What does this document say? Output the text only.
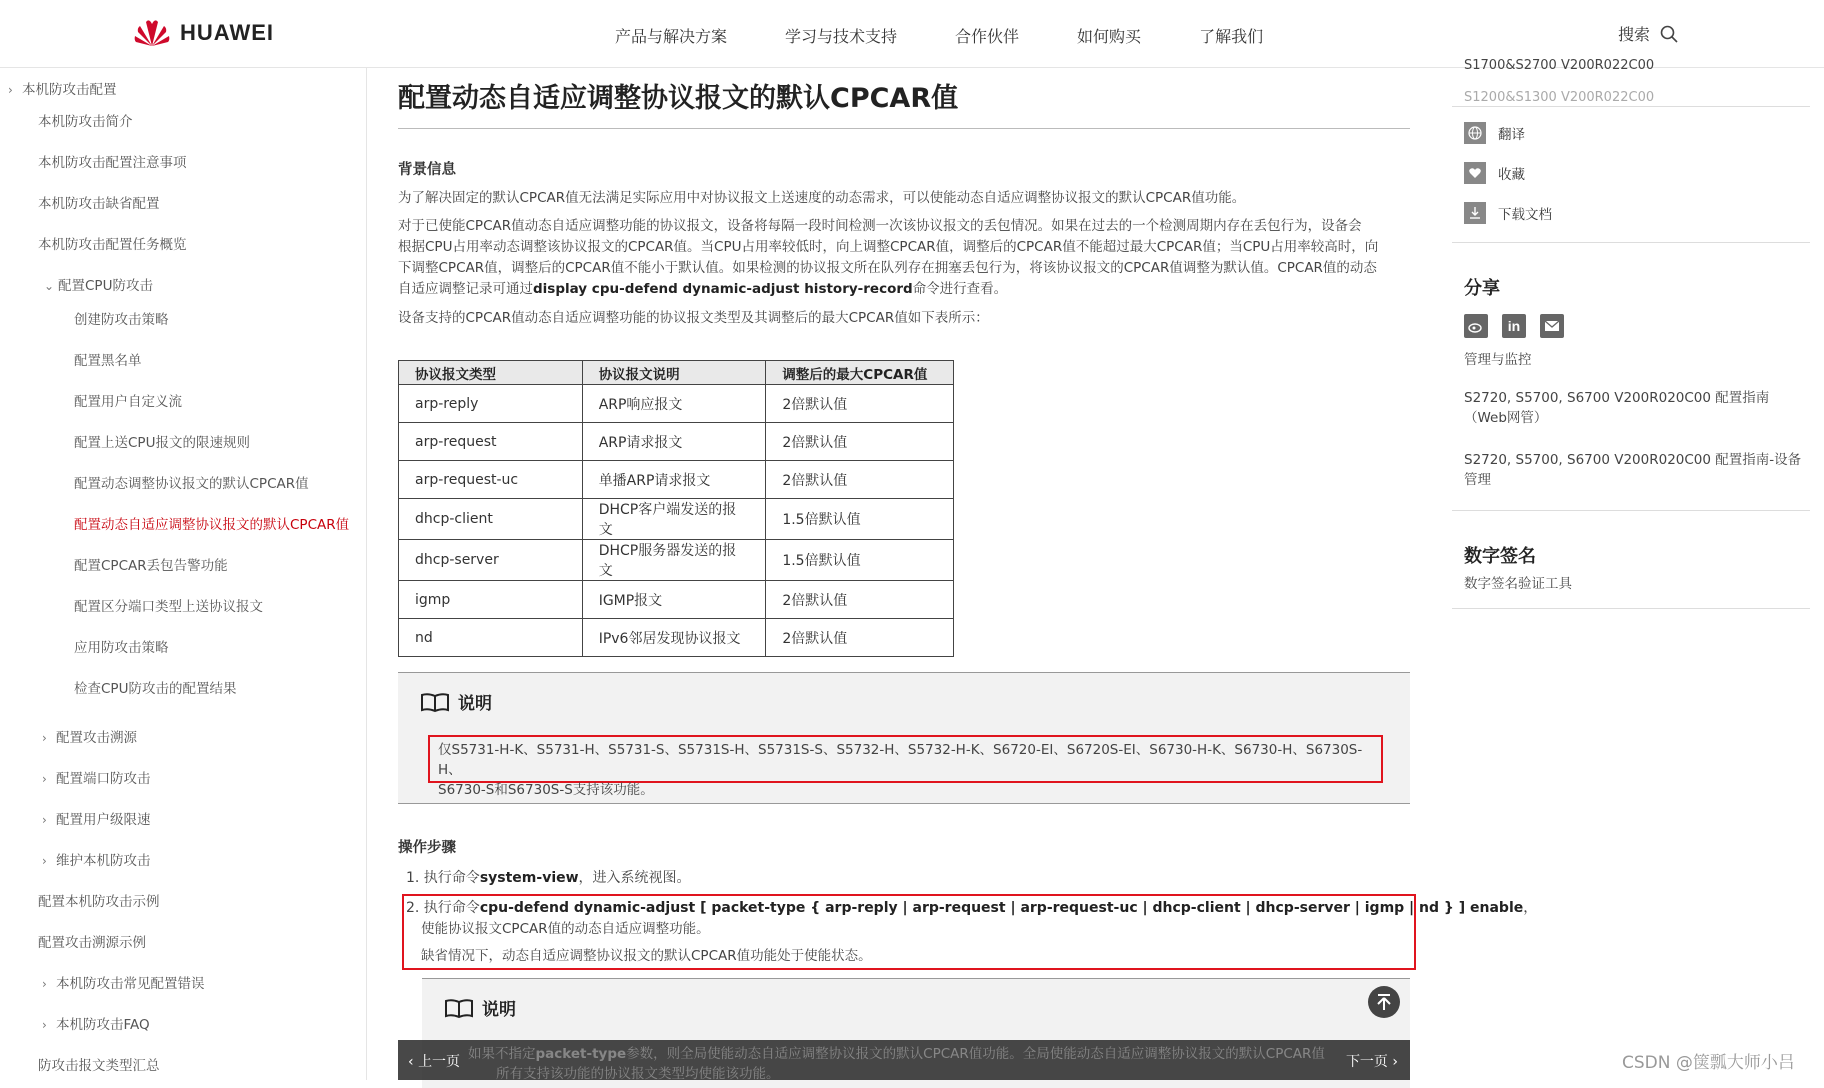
HUAWEI	产品与解决方案	学习与技术支持	合作伙伴	如何购买	了解我们	搜索
› 本机防攻击配置
本机防攻击简介
本机防攻击配置注意事项
本机防攻击缺省配置
本机防攻击配置任务概览
⌄ 配置CPU防攻击
创建防攻击策略
配置黑名单
配置用户自定义流
配置上送CPU报文的限速规则
配置动态调整协议报文的默认CPCAR值
配置动态自适应调整协议报文的默认CPCAR值
配置CPCAR丢包告警功能
配置区分端口类型上送协议报文
应用防攻击策略
检查CPU防攻击的配置结果
› 配置攻击溯源
› 配置端口防攻击
› 配置用户级限速
› 维护本机防攻击
配置本机防攻击示例
配置攻击溯源示例
› 本机防攻击常见配置错误
› 本机防攻击FAQ
防攻击报文类型汇总
配置动态自适应调整协议报文的默认CPCAR值
背景信息
为了解决固定的默认CPCAR值无法满足实际应用中对协议报文上送速度的动态需求，可以使能动态自适应调整协议报文的默认CPCAR值功能。
对于已使能CPCAR值动态自适应调整功能的协议报文，设备将每隔一段时间检测一次该协议报文的丢包情况。如果在过去的一个检测周期内存在丢包行为，设备会
根据CPU占用率动态调整该协议报文的CPCAR值。当CPU占用率较低时，向上调整CPCAR值，调整后的CPCAR值不能超过最大CPCAR值；当CPU占用率较高时，向
下调整CPCAR值，调整后的CPCAR值不能小于默认值。如果检测的协议报文所在队列存在拥塞丢包行为，将该协议报文的CPCAR值调整为默认值。CPCAR值的动态
自适应调整记录可通过display cpu-defend dynamic-adjust history-record命令进行查看。
设备支持的CPCAR值动态自适应调整功能的协议报文类型及其调整后的最大CPCAR值如下表所示：
协议报文类型	协议报文说明	调整后的最大CPCAR值
arp-reply	ARP响应报文	2倍默认值
arp-request	ARP请求报文	2倍默认值
arp-request-uc	单播ARP请求报文	2倍默认值
dhcp-client	DHCP客户端发送的报文	1.5倍默认值
dhcp-server	DHCP服务器发送的报文	1.5倍默认值
igmp	IGMP报文	2倍默认值
nd	IPv6邻居发现协议报文	2倍默认值
说明
仅S5731-H-K、S5731-H、S5731-S、S5731S-H、S5731S-S、S5732-H、S5732-H-K、S6720-EI、S6720S-EI、S6730-H-K、S6730-H、S6730S-H、
S6730-S和S6730S-S支持该功能。
操作步骤
1. 执行命令system-view，进入系统视图。
2. 执行命令cpu-defend dynamic-adjust [ packet-type { arp-reply | arp-request | arp-request-uc | dhcp-client | dhcp-server | igmp | nd } ] enable，
使能协议报文CPCAR值的动态自适应调整功能。
缺省情况下，动态自适应调整协议报文的默认CPCAR值功能处于使能状态。
说明
如果不指定packet-type参数，则全局使能动态自适应调整协议报文的默认CPCAR值功能。全局使能动态自适应调整协议报文的默认CPCAR值
所有支持该功能的协议报文类型均使能该功能。
‹ 上一页	下一页 ›
S1700&S2700 V200R022C00
S1200&S1300 V200R022C00
翻译
收藏
下载文档
分享
in
管理与监控
S2720, S5700, S6700 V200R020C00 配置指南（Web网管）
S2720, S5700, S6700 V200R020C00 配置指南-设备管理
数字签名
数字签名验证工具
CSDN @箧瓢大师小吕
